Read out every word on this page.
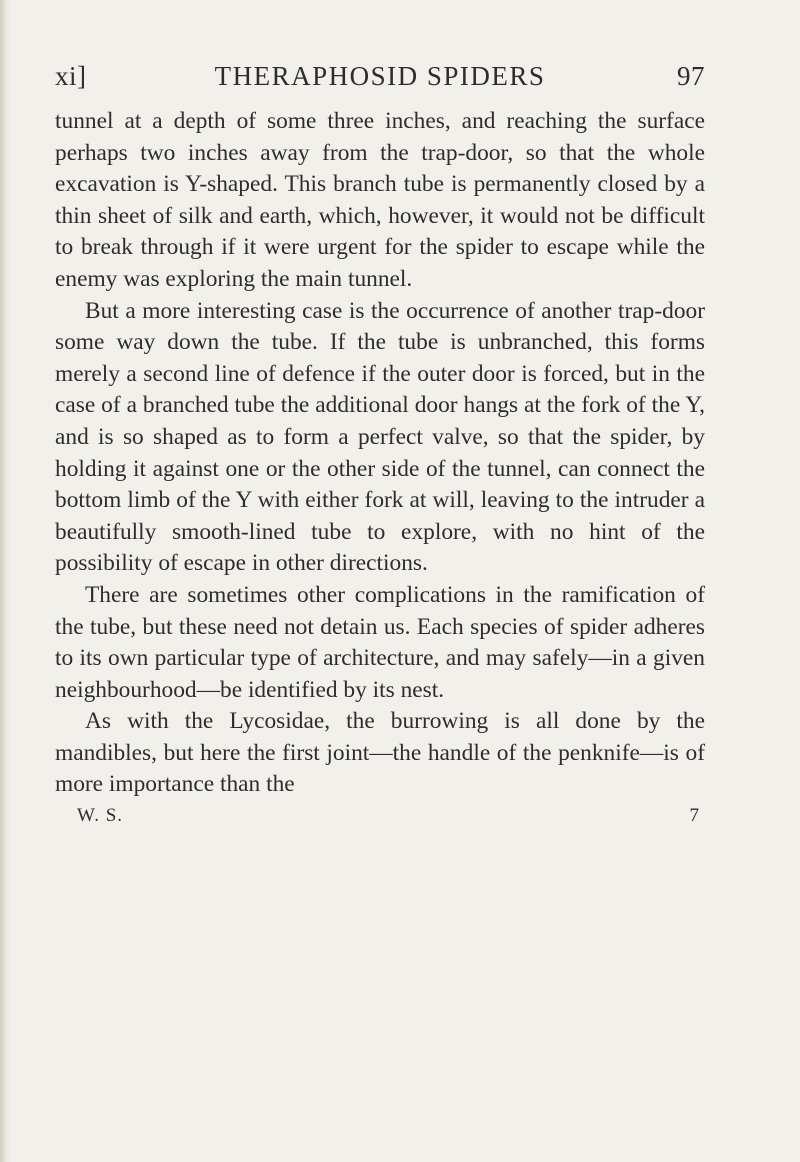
xi]	THERAPHOSID SPIDERS	97

tunnel at a depth of some three inches, and reaching the surface perhaps two inches away from the trap-door, so that the whole excavation is Y-shaped. This branch tube is permanently closed by a thin sheet of silk and earth, which, however, it would not be difficult to break through if it were urgent for the spider to escape while the enemy was exploring the main tunnel.

But a more interesting case is the occurrence of another trap-door some way down the tube. If the tube is unbranched, this forms merely a second line of defence if the outer door is forced, but in the case of a branched tube the additional door hangs at the fork of the Y, and is so shaped as to form a perfect valve, so that the spider, by holding it against one or the other side of the tunnel, can connect the bottom limb of the Y with either fork at will, leaving to the intruder a beautifully smooth-lined tube to explore, with no hint of the possibility of escape in other directions.

There are sometimes other complications in the ramification of the tube, but these need not detain us. Each species of spider adheres to its own particular type of architecture, and may safely—in a given neighbourhood—be identified by its nest.

As with the Lycosidae, the burrowing is all done by the mandibles, but here the first joint—the handle of the penknife—is of more importance than the

W. S.	7
